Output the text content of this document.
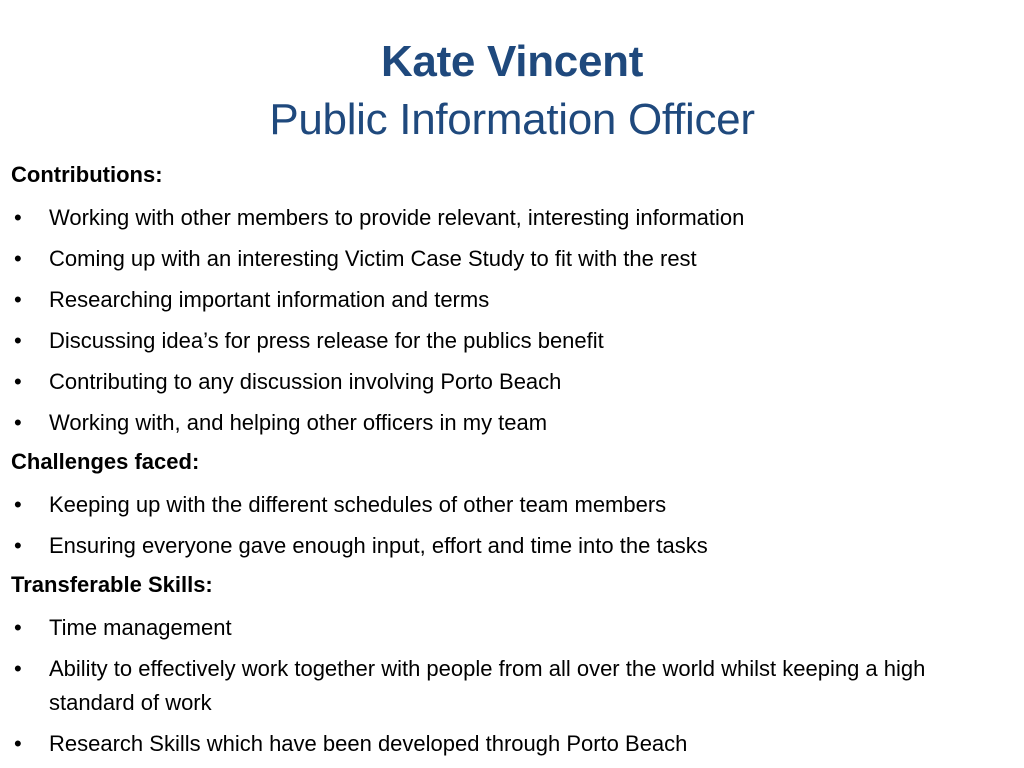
Kate Vincent
Public Information Officer
Contributions:
•	Working with other members to provide relevant, interesting information
•	Coming up with an interesting Victim Case Study to fit with the rest
•	Researching important information and terms
•	Discussing idea’s for press release for the publics benefit
•	Contributing to any discussion involving Porto Beach
•	Working with, and helping other officers in my team
Challenges faced:
•	Keeping up with the different schedules of other team members
•	Ensuring everyone gave enough input, effort and time into the tasks
Transferable Skills:
•	Time management
•	Ability to effectively work together with people from all over the world whilst keeping a high standard of work
•	Research Skills which have been developed through Porto Beach
